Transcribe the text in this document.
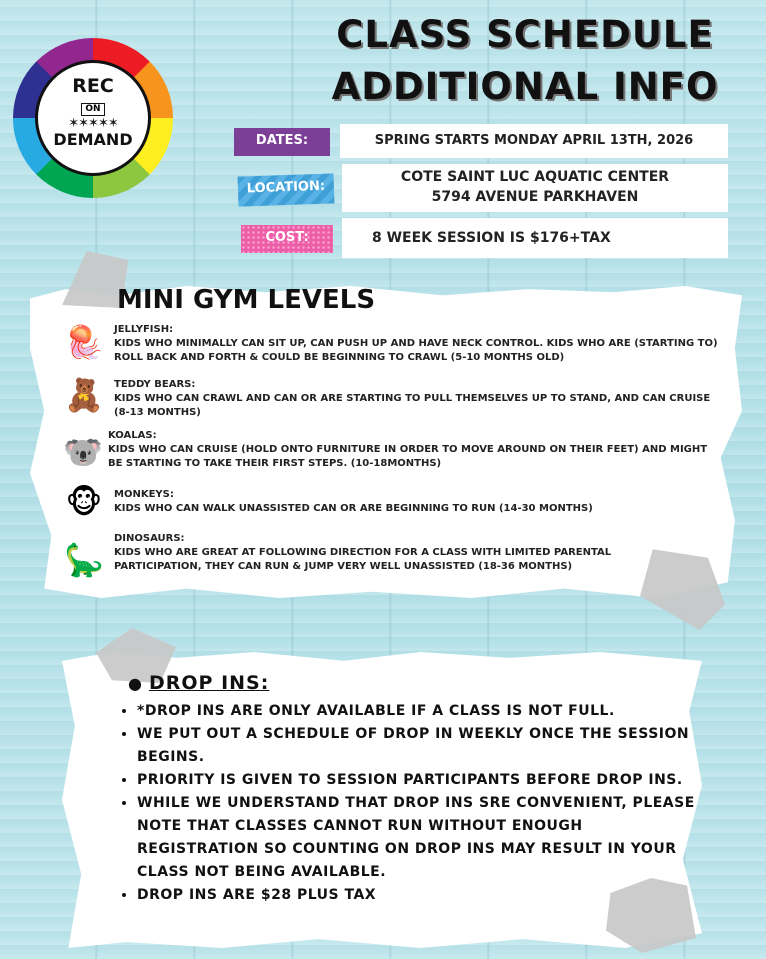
REC
ON
✶✶✶✶✶
DEMAND
CLASS SCHEDULE
ADDITIONAL INFO
DATES:	SPRING STARTS MONDAY APRIL 13TH, 2026
LOCATION:
COTE SAINT LUC AQUATIC CENTER
5794 AVENUE PARKHAVEN
COST:	8 WEEK SESSION IS $176+TAX
MINI GYM LEVELS
🪼 JELLYFISH:
KIDS WHO MINIMALLY CAN SIT UP, CAN PUSH UP AND HAVE NECK CONTROL. KIDS WHO ARE (STARTING TO) ROLL BACK AND FORTH & COULD BE BEGINNING TO CRAWL (5-10 MONTHS OLD)
🧸 TEDDY BEARS:
KIDS WHO CAN CRAWL AND CAN OR ARE STARTING TO PULL THEMSELVES UP TO STAND, AND CAN CRUISE (8-13 MONTHS)
🐨 KOALAS:
KIDS WHO CAN CRUISE (HOLD ONTO FURNITURE IN ORDER TO MOVE AROUND ON THEIR FEET) AND MIGHT BE STARTING TO TAKE THEIR FIRST STEPS. (10-18MONTHS)
🐵 MONKEYS:
KIDS WHO CAN WALK UNASSISTED CAN OR ARE BEGINNING TO RUN (14-30 MONTHS)
🦕
DINOSAURS:
KIDS WHO ARE GREAT AT FOLLOWING DIRECTION FOR A CLASS WITH LIMITED PARENTAL PARTICIPATION, THEY CAN RUN & JUMP VERY WELL UNASSISTED (18-36 MONTHS)
● DROP INS:
• *DROP INS ARE ONLY AVAILABLE IF A CLASS IS NOT FULL.
• WE PUT OUT A SCHEDULE OF DROP IN WEEKLY ONCE THE SESSION BEGINS.
• PRIORITY IS GIVEN TO SESSION PARTICIPANTS BEFORE DROP INS.
• WHILE WE UNDERSTAND THAT DROP INS SRE CONVENIENT, PLEASE NOTE THAT CLASSES CANNOT RUN WITHOUT ENOUGH REGISTRATION SO COUNTING ON DROP INS MAY RESULT IN YOUR CLASS NOT BEING AVAILABLE.
• DROP INS ARE $28 PLUS TAX
